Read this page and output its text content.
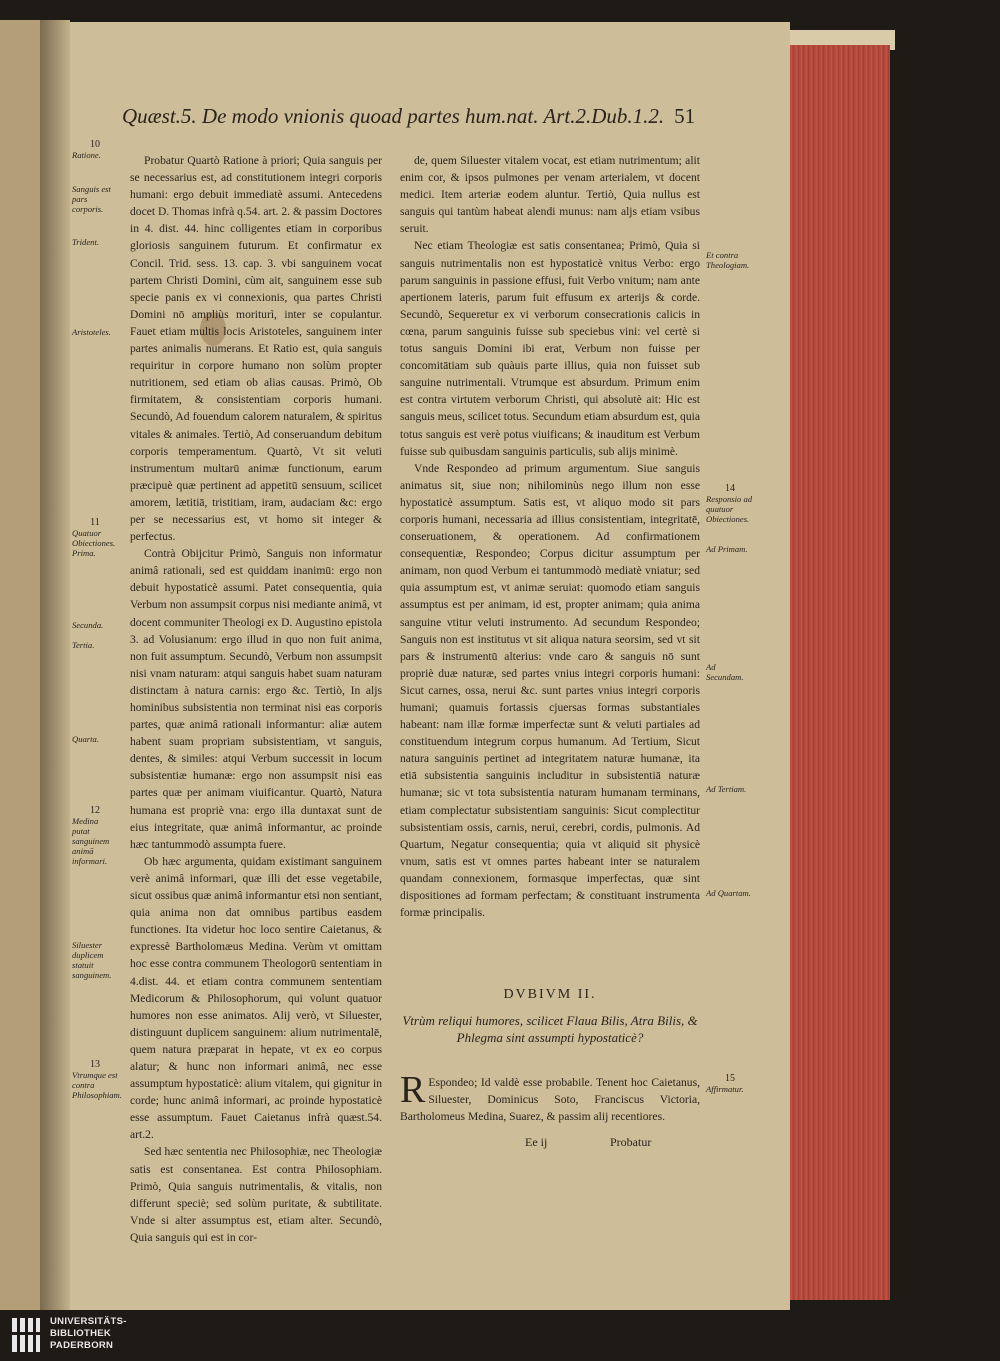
Quæst.5. De modo vnionis quoad partes hum.nat. Art.2.Dub.1.2. 51

Probatur Quartò Ratione à priori; Quia sanguis per se necessarius est, ad constitutionem integri corporis humani: ergo debuit immediatè assumi. Antecedens docet D. Thomas infrà q.54. art. 2. & passim Doctores in 4. dist. 44. hinc colligentes etiam in corporibus gloriosis sanguinem futurum. Et confirmatur ex Concil. Trid. sess. 13. cap. 3. vbi sanguinem vocat partem Christi Domini, cùm ait, sanguinem esse sub specie panis ex vi connexionis, qua partes Christi Domini nō ampliùs moriturì, inter se copulantur. Fauet etiam multis locis Aristoteles, sanguinem inter partes animalis numerans. Et Ratio est, quia sanguis requiritur in corpore humano non solùm propter nutritionem, sed etiam ob alias causas. Primò, Ob firmitatem, & consistentiam corporis humani. Secundò, Ad fouendum calorem naturalem, & spiritus vitales & animales. Tertiò, Ad conseruandum debitum corporis temperamentum. Quartò, Vt sit veluti instrumentum multarū animæ functionum, earum præcipuè quæ pertinent ad appetitū sensuum, scilicet amorem, lætitiā, tristitiam, iram, audaciam &c: ergo per se necessarius est, vt homo sit integer & perfectus.

Contrà Obijcitur Primò, Sanguis non informatur animâ rationali, sed est quiddam inanimū: ergo non debuit hypostaticè assumi. Patet consequentia, quia Verbum non assumpsit corpus nisi mediante animâ, vt docent communiter Theologi ex D. Augustino epistola 3. ad Volusianum: ergo illud in quo non fuit anima, non fuit assumptum. Secundò, Verbum non assumpsit nisi vnam naturam: atqui sanguis habet suam naturam distinctam à natura carnis: ergo &c. Tertiò, In aljs hominibus subsistentia non terminat nisi eas corporis partes, quæ animâ rationali informantur: aliæ autem habent suam propriam subsistentiam, vt sanguis, dentes, & similes: atqui Verbum successit in locum subsistentiæ humanæ: ergo non assumpsit nisi eas partes quæ per animam viuificantur. Quartò, Natura humana est propriè vna: ergo illa duntaxat sunt de eius integritate, quæ animâ informantur, ac proinde hæc tantummodò assumpta fuere.

Ob hæc argumenta, quidam existimant sanguinem verè animâ informari, quæ illi det esse vegetabile, sicut ossibus quæ animâ informantur etsi non sentiant, quia anima non dat omnibus partibus easdem functiones. Ita videtur hoc loco sentire Caietanus, & expressè Bartholomæus Medina. Verùm vt omittam hoc esse contra communem Theologorū sententiam in 4.dist. 44. et etiam contra communem sententiam Medicorum & Philosophorum, qui volunt quatuor humores non esse animatos. Alij verò, vt Siluester, distinguunt duplicem sanguinem: alium nutrimentalē, quem natura præparat in hepate, vt ex eo corpus alatur; & hunc non informari animâ, nec esse assumptum hypostaticè: alium vitalem, qui gignitur in corde; hunc animâ informari, ac proinde hypostaticè esse assumptum. Fauet Caietanus infrà quæst.54. art.2.

Sed hæc sententia nec Philosophiæ, nec Theologiæ satis est consentanea. Est contra Philosophiam. Primò, Quia sanguis nutrimentalis, & vitalis, non differunt speciè; sed solùm puritate, & subtilitate. Vnde si alter assumptus est, etiam alter. Secundò, Quia sanguis qui est in cor-

de, quem Siluester vitalem vocat, est etiam nutrimentum; alit enim cor, & ipsos pulmones per venam arterialem, vt docent medici. Item arteriæ eodem aluntur. Tertiò, Quia nullus est sanguis qui tantùm habeat alendi munus: nam aljs etiam vsibus seruit.

Nec etiam Theologiæ est satis consentanea; Primò, Quia si sanguis nutrimentalis non est hypostaticè vnitus Verbo: ergo parum sanguinis in passione effusi, fuit Verbo vnitum; nam ante apertionem lateris, parum fuit effusum ex arterijs & corde. Secundò, Sequeretur ex vi verborum consecrationis calicis in cœna, parum sanguinis fuisse sub speciebus vini: vel certè si totus sanguis Domini ibi erat, Verbum non fuisse per concomitātiam sub quàuis parte illius, quia non fuisset sub sanguine nutrimentali. Vtrumque est absurdum. Primum enim est contra virtutem verborum Christi, qui absolutè ait: Hic est sanguis meus, scilicet totus. Secundum etiam absurdum est, quia totus sanguis est verè potus viuificans; & inauditum est Verbum fuisse sub quibusdam sanguinis particulis, sub alijs minimè.

Vnde Respondeo ad primum argumentum. Siue sanguis animatus sit, siue non; nihilominùs nego illum non esse hypostaticè assumptum. Satis est, vt aliquo modo sit pars corporis humani, necessaria ad illius consistentiam, integritatē, conseruationem, & operationem. Ad confirmationem consequentiæ, Respondeo; Corpus dicitur assumptum per animam, non quod Verbum ei tantummodò mediatè vniatur; sed quia assumptum est, vt animæ seruiat: quomodo etiam sanguis assumptus est per animam, id est, propter animam; quia anima sanguine vtitur veluti instrumento. Ad secundum Respondeo; Sanguis non est institutus vt sit aliqua natura seorsim, sed vt sit pars & instrumentū alterius: vnde caro & sanguis nō sunt propriè duæ naturæ, sed partes vnius integri corporis humani: Sicut carnes, ossa, nerui &c. sunt partes vnius integri corporis humani; quamuis fortassis cjuersas formas substantiales habeant: nam illæ formæ imperfectæ sunt & veluti partiales ad constituendum integrum corpus humanum. Ad Tertium, Sicut natura sanguinis pertinet ad integritatem naturæ humanæ, ita etiā subsistentia sanguinis includitur in subsistentiā naturæ humanæ; sic vt tota subsistentia naturam humanam terminans, etiam complectatur subsistentiam sanguinis: Sicut complectitur subsistentiam ossis, carnis, nerui, cerebri, cordis, pulmonis. Ad Quartum, Negatur consequentia; quia vt aliquid sit physicè vnum, satis est vt omnes partes habeant inter se naturalem quandam connexionem, formasque imperfectas, quæ sint dispositiones ad formam perfectam; & constituant instrumenta formæ principalis.

DVBIVM II.
Vtrùm reliqui humores, scilicet Flaua Bilis, Atra Bilis, & Phlegma sint assumpti hypostaticè?
R Espondeo; Id valdè esse probabile. Tenent hoc Caietanus, Siluester, Dominicus Soto, Franciscus Victoria, Bartholomeus Medina, Suarez, & passim alij recentiores.
Ee ij	Probatur
10
Ratione.
Sanguis est pars corporis.
Trident.
Aristoteles.
11
Quatuor Obiectiones. Prima.
Secunda.
Tertia.
Quarta.
12
Medina putat sanguinem animā informari.
Siluester duplicem statuit sanguinem.
13
Vtrumque est contra Philosophiam.
Et contra Theologiam.
14
Responsio ad quatuor Obiectiones.
Ad Primam.
Ad Secundam.
Ad Tertiam.
Ad Quartam.
15
Affirmatur.
UNIVERSITÄTS-
BIBLIOTHEK
PADERBORN
